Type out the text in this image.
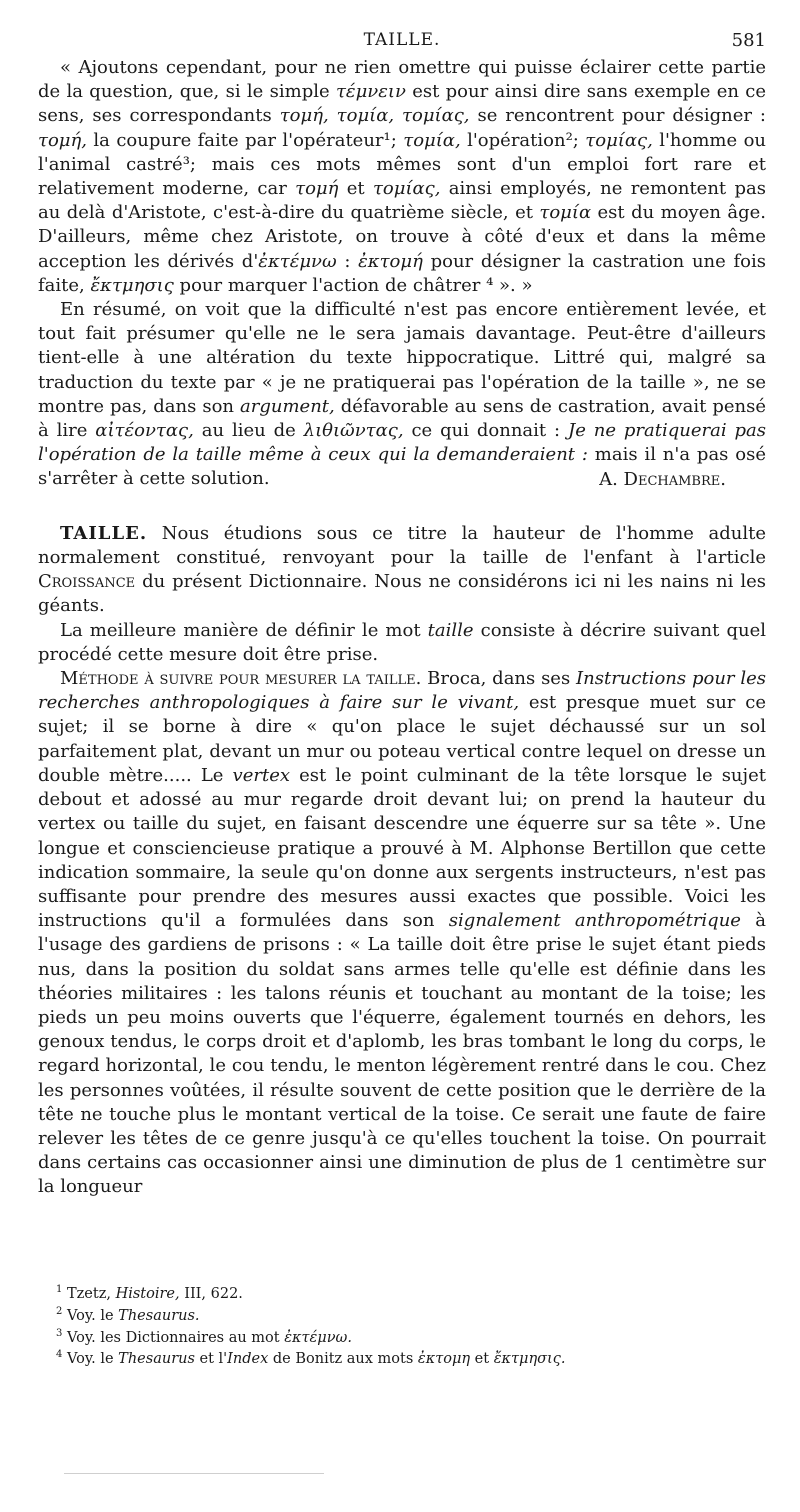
TAILLE.	581

« Ajoutons cependant, pour ne rien omettre qui puisse éclairer cette partie de la question, que, si le simple τέμνειν est pour ainsi dire sans exemple en ce sens, ses correspondants τομή, τομία, τομίας, se rencontrent pour désigner : τομή, la coupure faite par l'opérateur¹; τομία, l'opération²; τομίας, l'homme ou l'animal castré³; mais ces mots mêmes sont d'un emploi fort rare et relativement moderne, car τομή et τομίας, ainsi employés, ne remontent pas au delà d'Aristote, c'est-à-dire du quatrième siècle, et τομία est du moyen âge. D'ailleurs, même chez Aristote, on trouve à côté d'eux et dans la même acception les dérivés d'ἐκτέμνω : ἐκτομή pour désigner la castration une fois faite, ἔκτμησις pour marquer l'action de châtrer ⁴ ». »

En résumé, on voit que la difficulté n'est pas encore entièrement levée, et tout fait présumer qu'elle ne le sera jamais davantage. Peut-être d'ailleurs tient-elle à une altération du texte hippocratique. Littré qui, malgré sa traduction du texte par « je ne pratiquerai pas l'opération de la taille », ne se montre pas, dans son argument, défavorable au sens de castration, avait pensé à lire αἰτέοντας, au lieu de λιθιῶντας, ce qui donnait : Je ne pratiquerai pas l'opération de la taille même à ceux qui la demanderaient : mais il n'a pas osé s'arrêter à cette solution.	A. Dechambre.

TAILLE. Nous étudions sous ce titre la hauteur de l'homme adulte normalement constitué, renvoyant pour la taille de l'enfant à l'article Croissance du présent Dictionnaire. Nous ne considérons ici ni les nains ni les géants.

La meilleure manière de définir le mot taille consiste à décrire suivant quel procédé cette mesure doit être prise.

Méthode à suivre pour mesurer la taille. Broca, dans ses Instructions pour les recherches anthropologiques à faire sur le vivant, est presque muet sur ce sujet; il se borne à dire « qu'on place le sujet déchaussé sur un sol parfaitement plat, devant un mur ou poteau vertical contre lequel on dresse un double mètre..... Le vertex est le point culminant de la tête lorsque le sujet debout et adossé au mur regarde droit devant lui; on prend la hauteur du vertex ou taille du sujet, en faisant descendre une équerre sur sa tête ». Une longue et consciencieuse pratique a prouvé à M. Alphonse Bertillon que cette indication sommaire, la seule qu'on donne aux sergents instructeurs, n'est pas suffisante pour prendre des mesures aussi exactes que possible. Voici les instructions qu'il a formulées dans son signalement anthropométrique à l'usage des gardiens de prisons : « La taille doit être prise le sujet étant pieds nus, dans la position du soldat sans armes telle qu'elle est définie dans les théories militaires : les talons réunis et touchant au montant de la toise; les pieds un peu moins ouverts que l'équerre, également tournés en dehors, les genoux tendus, le corps droit et d'aplomb, les bras tombant le long du corps, le regard horizontal, le cou tendu, le menton légèrement rentré dans le cou. Chez les personnes voûtées, il résulte souvent de cette position que le derrière de la tête ne touche plus le montant vertical de la toise. Ce serait une faute de faire relever les têtes de ce genre jusqu'à ce qu'elles touchent la toise. On pourrait dans certains cas occasionner ainsi une diminution de plus de 1 centimètre sur la longueur

$^1$ Tzetz, Histoire, III, 622.
$^2$ Voy. le Thesaurus.
$^3$ Voy. les Dictionnaires au mot ἐκτέμνω.
$^4$ Voy. le Thesaurus et l'Index de Bonitz aux mots ἐκτομη et ἔκτμησις.
